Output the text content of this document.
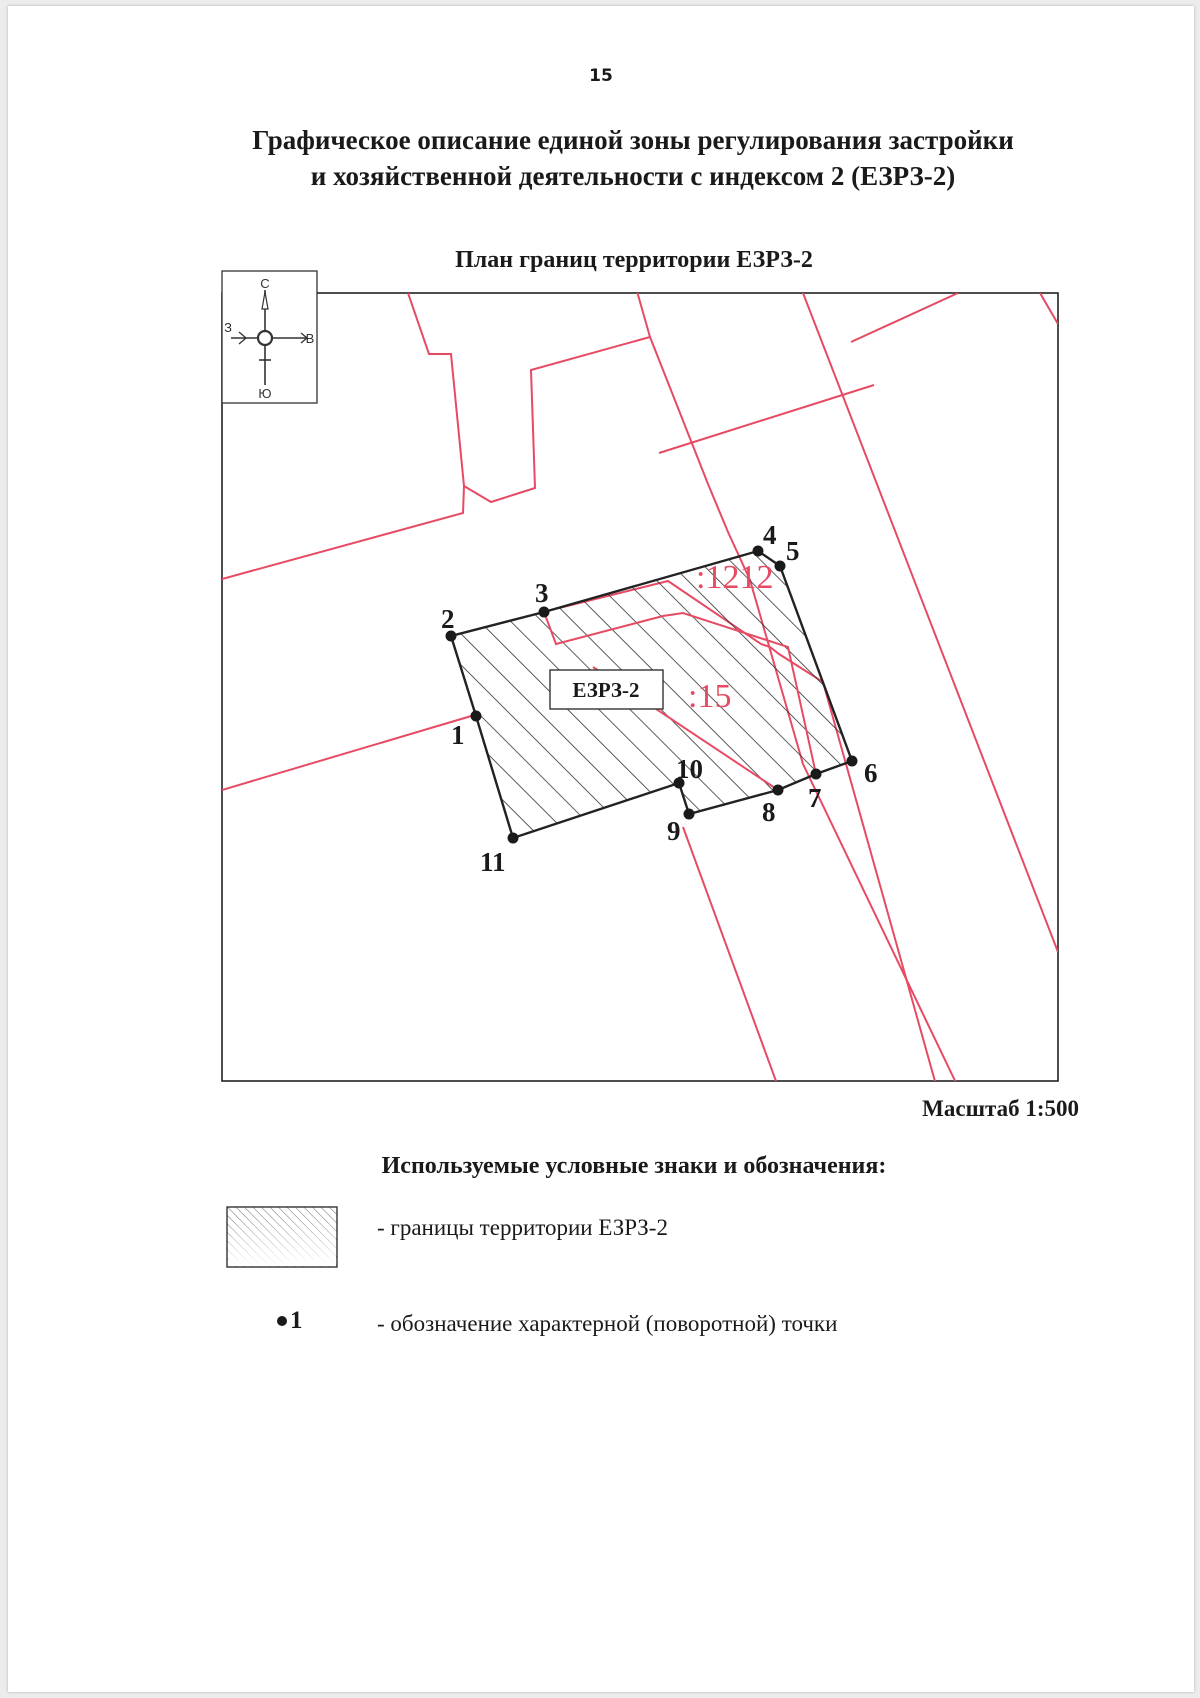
15
Графическое описание единой зоны регулирования застройки
и хозяйственной деятельности с индексом 2 (ЕЗРЗ-2)
План границ территории ЕЗРЗ-2
С
Ю
В
З
:1212
:15
ЕЗРЗ-2
1
2
3
4
5
6
7
8
9
10
11
Масштаб 1:500
Используемые условные знаки и обозначения:
- границы территории ЕЗРЗ-2
1	- обозначение характерной (поворотной) точки
